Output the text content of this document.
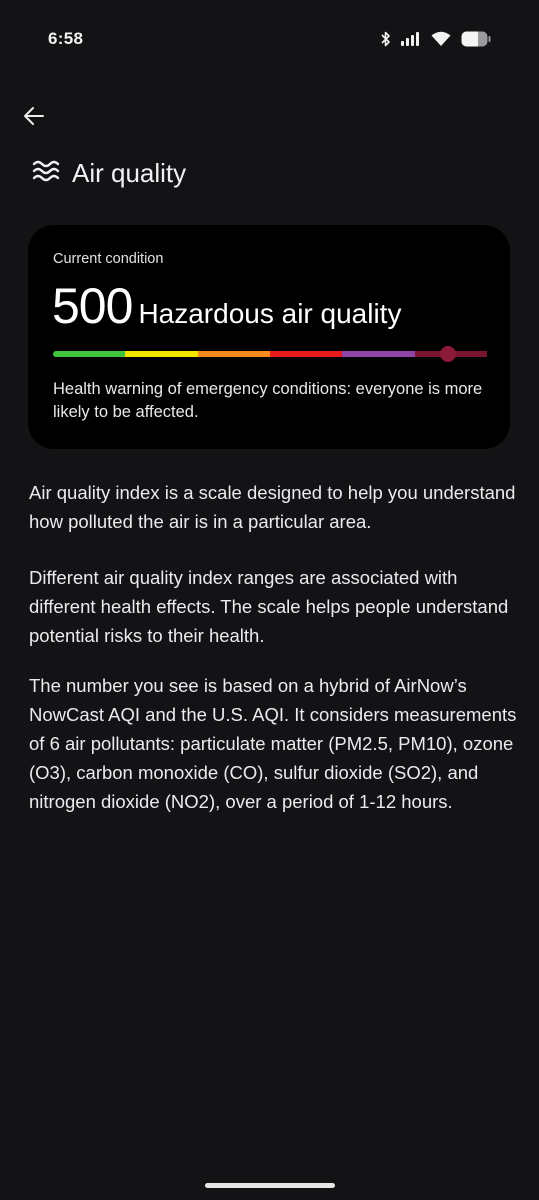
6:58
Air quality
Current condition
500 Hazardous air quality
Health warning of emergency conditions: everyone is more likely to be affected.

Air quality index is a scale designed to help you understand how polluted the air is in a particular area.

Different air quality index ranges are associated with different health effects. The scale helps people understand potential risks to their health.

The number you see is based on a hybrid of AirNow’s NowCast AQI and the U.S. AQI. It considers measurements of 6 air pollutants: particulate matter (PM2.5, PM10), ozone (O3), carbon monoxide (CO), sulfur dioxide (SO2), and nitrogen dioxide (NO2), over a period of 1-12 hours.
